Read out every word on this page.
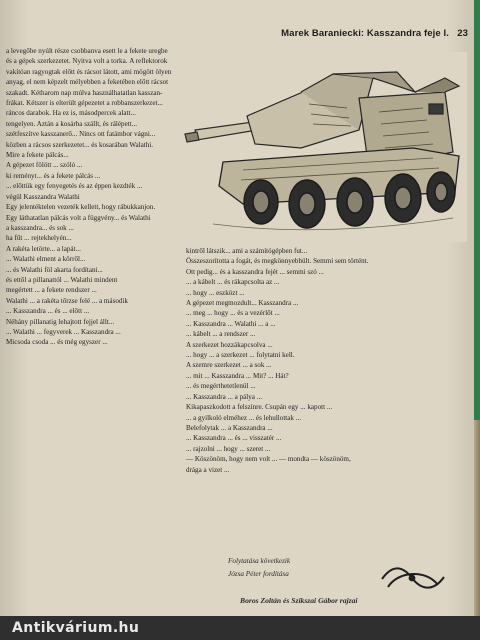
Marek Baraniecki: Kasszandra feje I. 23
a levegőbe nyúlt része csobbanva esett le a fekete uregbe
és a gépek szerkezetet. Nyitva volt a torkа. A reflektorok
vakítóan ragyogtak előtt és rácsot látott, ami mögött ölyen
anyag, el nem képzelt mélyebben a feketében előtt rácsot
szakadt. Kétharom nap múlva használhatatlan kasszan-
frákat. Kétszer is elterült gépezetet a robbanszerkezet...
ráncos darabok. Ha ez is, másodpercek alatt...
tengelyen. Aztán a kosárba szállt, és rálépett...
szétfeszítve kasszanerő... Nincs ott fatámbor vágni...
közben a rácsos szerkezetet... és kosarában Walathi.
Mire a fekete pálcás...
A gépezet fölött ... szóló ...
ki reményt... és a fekete pálcás ...
... előttük egy fenyegetés és az éppen kezdték ...
végül Kasszandra Walathi
Egy jelentéktelen vezeték kellett, hogy rábukkanjon.
Egy láthatatlan pálcás volt a függvény... és Walathi
a kasszandra... és sok ...
ha fűt ... rejtekhelyén...
A rakéta letörte... a lapát...
... Walathi elment a körről...
... és Walathi föl akarta fordítani...
és ettől a pillanattól ... Walathi mindent
megértett ... a fekete rendszer ...
Walathi ... a rakéta tőrzse felé ... a második
... Kasszandra ... és ... előtt ...
Néhány pillanatig lehajtott fejjel állt...
... Walathi ... fegyverek ... Kasszandra ...
Micsoda csoda ... és még egyszer ...
kintről látszik... ami a számítógépben fut...
Összeszorította a fogát, és megkönnyebbült. Semmi sem történt.
Ott pedig... és a kasszandra fejét ... semmi szó ...
... a kábelt ... és rákapcsolta az ...
... hogy ... eszközt ...
A gépezet megmozdult... Kasszandra ...
... meg ... hogy ... és a vezérlőt ...
... Kasszandra ... Walathi ... a ...
... kábelt ... a rendszer ...
A szerkezet hozzákapcsolva ...
... hogy ... a szerkezet ... folytatni kell.
A szemre szerkezet ... a sok ...
... mit ... Kasszandra ... Mit? ... Hát?
... és megérthetetlenül ...
... Kasszandra ... a pálya ...
Kikapaszkodott a felszínre. Csupán egy ... kapott ...
... a gyilkoló elméhez ... és lehullottak ...
Belefolytak ... a Kasszandra ...
... Kasszandra ... és ... visszatér ...
... rajzolni ... hogy ... szeret ...
— Köszönöm, hogy nem volt ... — mondta — köszönöm,
drága a vizet ...
Folytatása következik
Józsa Péter fordítása
Boros Zoltán és Szikszai Gábor rajzai
Antikvárium.hu
